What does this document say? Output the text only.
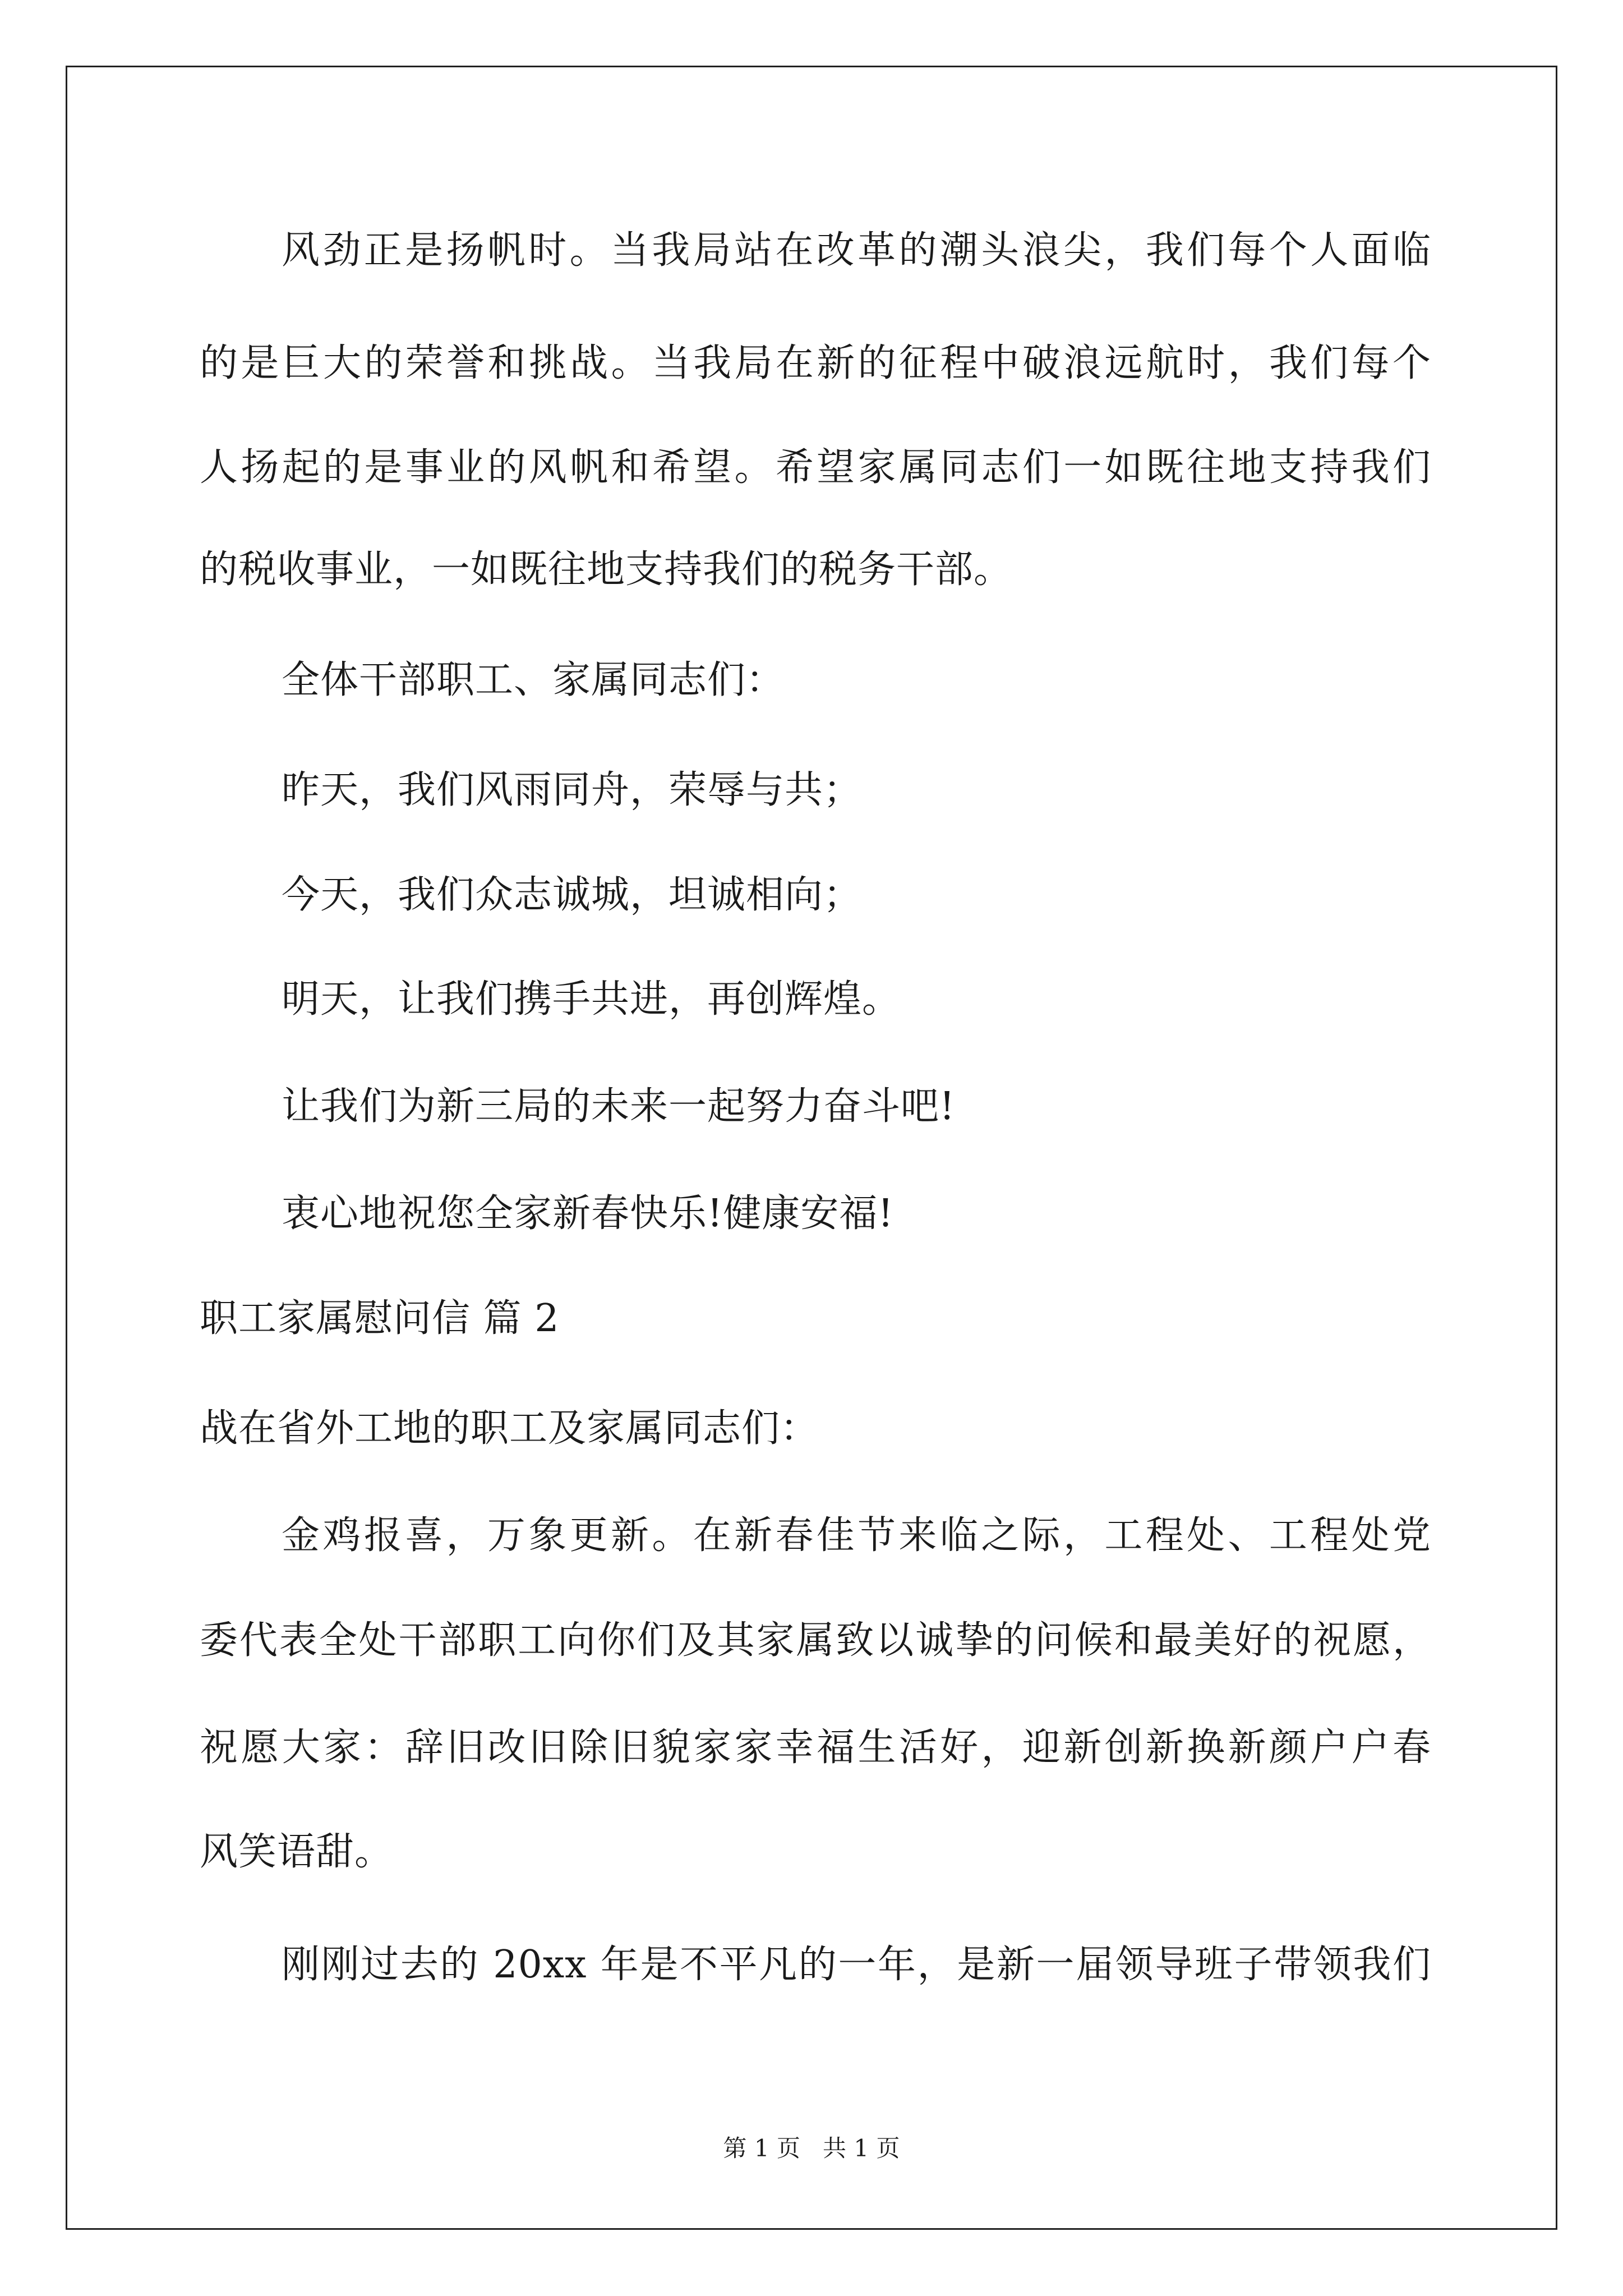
风劲正是扬帆时。当我局站在改革的潮头浪尖，我们每个人面临
的是巨大的荣誉和挑战。当我局在新的征程中破浪远航时，我们每个
人扬起的是事业的风帆和希望。希望家属同志们一如既往地支持我们
的税收事业，一如既往地支持我们的税务干部。
全体干部职工、家属同志们：
昨天，我们风雨同舟，荣辱与共；
今天，我们众志诚城，坦诚相向；
明天，让我们携手共进，再创辉煌。
让我们为新三局的未来一起努力奋斗吧!
衷心地祝您全家新春快乐!健康安福!
职工家属慰问信 篇 2
战在省外工地的职工及家属同志们：
金鸡报喜，万象更新。在新春佳节来临之际，工程处、工程处党
委代表全处干部职工向你们及其家属致以诚挚的问候和最美好的祝愿，
祝愿大家：辞旧改旧除旧貌家家幸福生活好，迎新创新换新颜户户春
风笑语甜。
刚刚过去的 20xx 年是不平凡的一年，是新一届领导班子带领我们
第 1 页   共 1 页
